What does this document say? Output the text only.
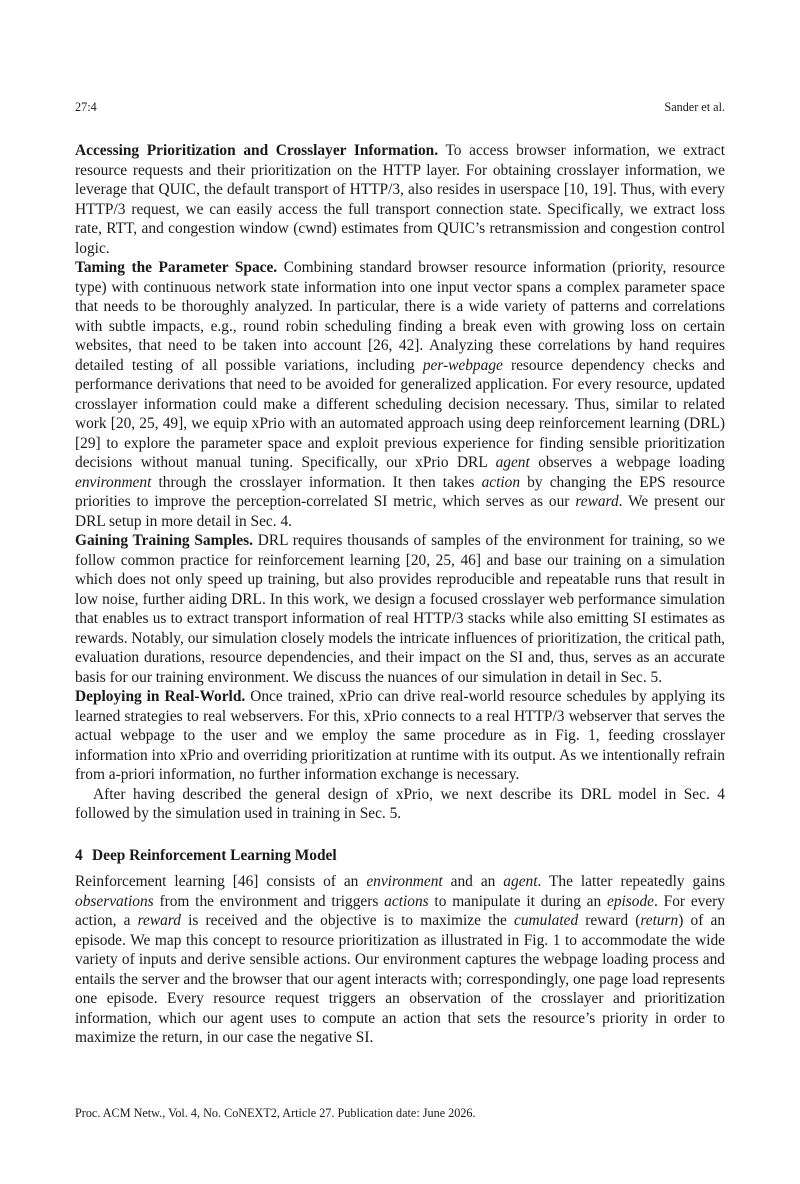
27:4	Sander et al.

Accessing Prioritization and Crosslayer Information. To access browser information, we extract resource requests and their prioritization on the HTTP layer. For obtaining crosslayer information, we leverage that QUIC, the default transport of HTTP/3, also resides in userspace [10, 19]. Thus, with every HTTP/3 request, we can easily access the full transport connection state. Specifically, we extract loss rate, RTT, and congestion window (cwnd) estimates from QUIC’s retransmission and congestion control logic.

Taming the Parameter Space. Combining standard browser resource information (priority, resource type) with continuous network state information into one input vector spans a complex parameter space that needs to be thoroughly analyzed. In particular, there is a wide variety of patterns and correlations with subtle impacts, e.g., round robin scheduling finding a break even with growing loss on certain websites, that need to be taken into account [26, 42]. Analyzing these correlations by hand requires detailed testing of all possible variations, including per-webpage resource dependency checks and performance derivations that need to be avoided for generalized application. For every resource, updated crosslayer information could make a different scheduling decision necessary. Thus, similar to related work [20, 25, 49], we equip xPrio with an automated approach using deep reinforcement learning (DRL) [29] to explore the parameter space and exploit previous experience for finding sensible prioritization decisions without manual tuning. Specifically, our xPrio DRL agent observes a webpage loading environment through the crosslayer information. It then takes action by changing the EPS resource priorities to improve the perception-correlated SI metric, which serves as our reward. We present our DRL setup in more detail in Sec. 4.

Gaining Training Samples. DRL requires thousands of samples of the environment for training, so we follow common practice for reinforcement learning [20, 25, 46] and base our training on a simulation which does not only speed up training, but also provides reproducible and repeatable runs that result in low noise, further aiding DRL. In this work, we design a focused crosslayer web performance simulation that enables us to extract transport information of real HTTP/3 stacks while also emitting SI estimates as rewards. Notably, our simulation closely models the intricate influences of prioritization, the critical path, evaluation durations, resource dependencies, and their impact on the SI and, thus, serves as an accurate basis for our training environment. We discuss the nuances of our simulation in detail in Sec. 5.

Deploying in Real-World. Once trained, xPrio can drive real-world resource schedules by applying its learned strategies to real webservers. For this, xPrio connects to a real HTTP/3 webserver that serves the actual webpage to the user and we employ the same procedure as in Fig. 1, feeding crosslayer information into xPrio and overriding prioritization at runtime with its output. As we intentionally refrain from a-priori information, no further information exchange is necessary.

After having described the general design of xPrio, we next describe its DRL model in Sec. 4 followed by the simulation used in training in Sec. 5.

4 Deep Reinforcement Learning Model

Reinforcement learning [46] consists of an environment and an agent. The latter repeatedly gains observations from the environment and triggers actions to manipulate it during an episode. For every action, a reward is received and the objective is to maximize the cumulated reward (return) of an episode. We map this concept to resource prioritization as illustrated in Fig. 1 to accommodate the wide variety of inputs and derive sensible actions. Our environment captures the webpage loading process and entails the server and the browser that our agent interacts with; correspondingly, one page load represents one episode. Every resource request triggers an observation of the crosslayer and prioritization information, which our agent uses to compute an action that sets the resource’s priority in order to maximize the return, in our case the negative SI.

Proc. ACM Netw., Vol. 4, No. CoNEXT2, Article 27. Publication date: June 2026.
